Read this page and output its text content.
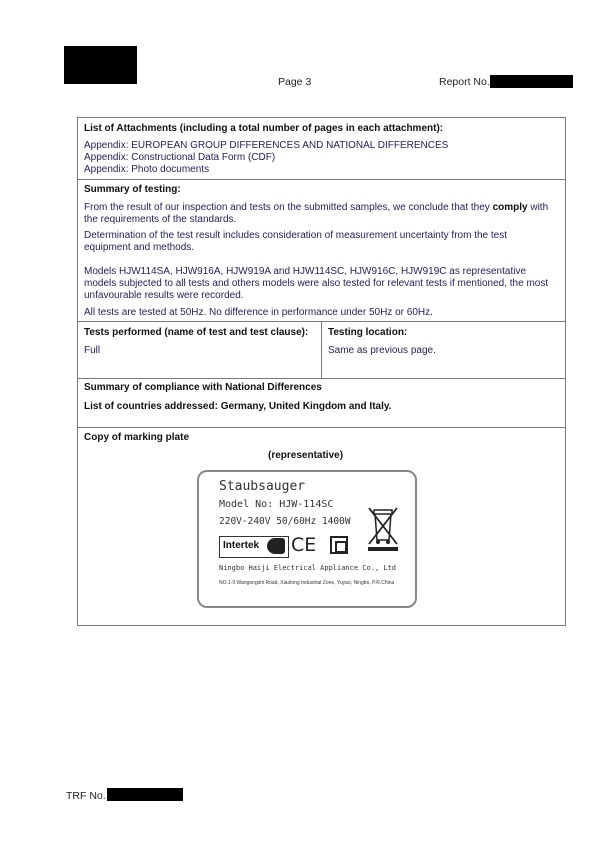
Page 3	Report No.
List of Attachments (including a total number of pages in each attachment):
Appendix: EUROPEAN GROUP DIFFERENCES AND NATIONAL DIFFERENCES
Appendix: Constructional Data Form (CDF)
Appendix: Photo documents
Summary of testing:
From the result of our inspection and tests on the submitted samples, we conclude that they comply with
the requirements of the standards.
Determination of the test result includes consideration of measurement uncertainty from the test
equipment and methods.
Models HJW114SA, HJW916A, HJW919A and HJW114SC, HJW916C, HJW919C as representative
models subjected to all tests and others models were also tested for relevant tests if mentioned, the most
unfavourable results were recorded.
All tests are tested at 50Hz. No difference in performance under 50Hz or 60Hz.
Tests performed (name of test and test clause):
Full
Testing location:
Same as previous page.
Summary of compliance with National Differences
List of countries addressed: Germany, United Kingdom and Italy.
Copy of marking plate
(representative)
Staubsauger
Model No: HJW-114SC
220V-240V 50/60Hz 1400W
Intertek CE
Ningbo Haiji Electrical Appliance Co., Ltd
NO.1-9 Wangongshi Road, Xiaolong Industrial Zone, Yuyao, Ningbo, P.R.China
TRF No.
